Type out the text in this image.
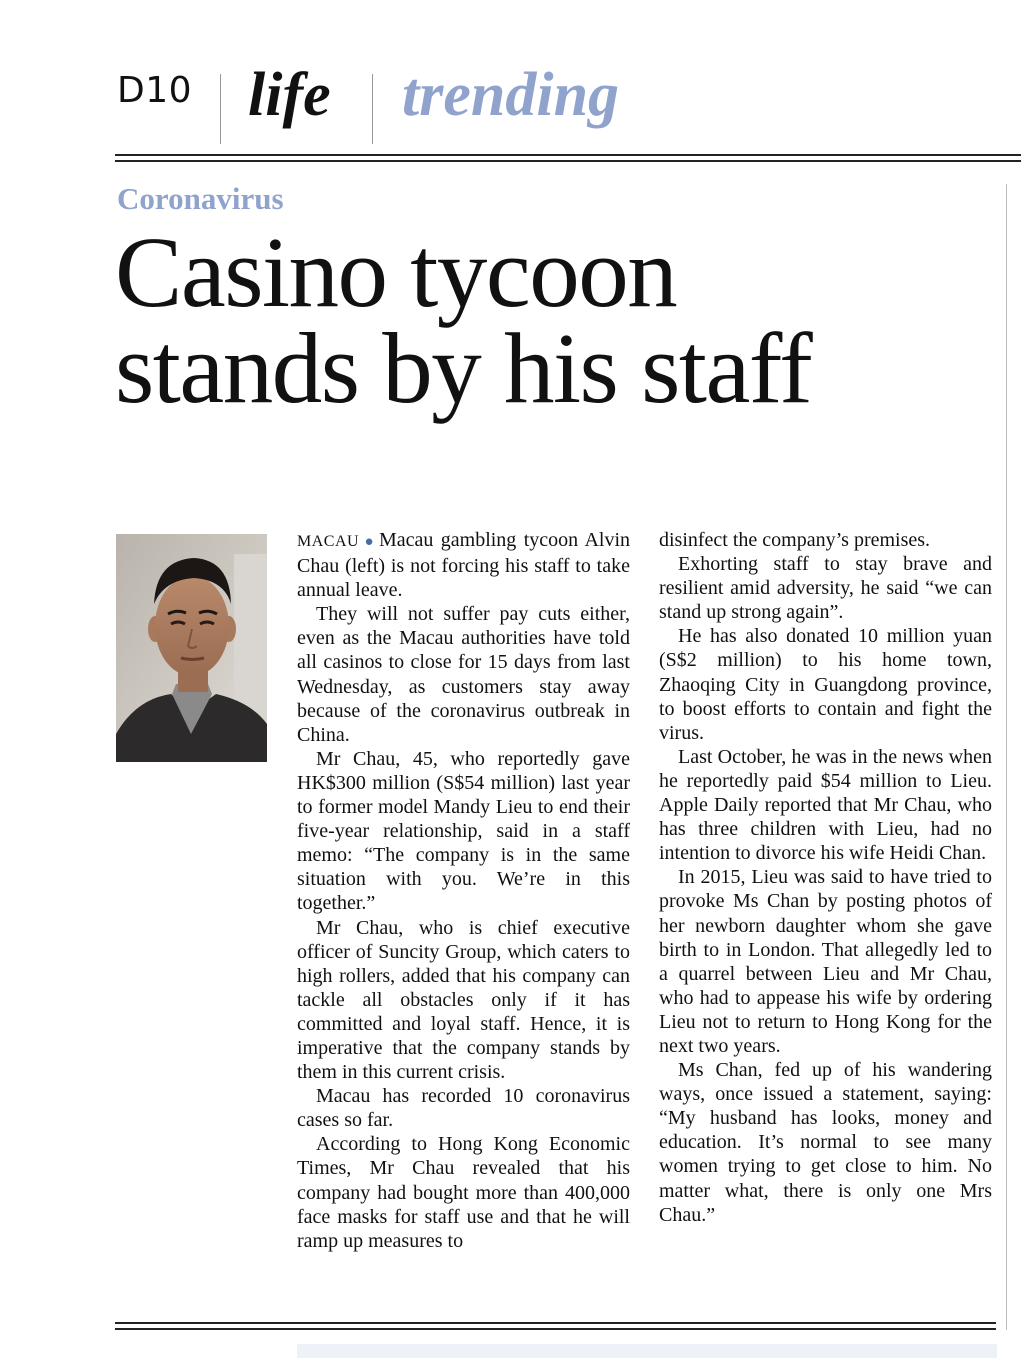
D10 life trending
Coronavirus
Casino tycoon
stands by his staff

MACAU ● Macau gambling tycoon Alvin Chau (left) is not forcing his staff to take annual leave.

They will not suffer pay cuts either, even as the Macau authorities have told all casinos to close for 15 days from last Wednesday, as customers stay away because of the coronavirus outbreak in China.

Mr Chau, 45, who reportedly gave HK$300 million (S$54 million) last year to former model Mandy Lieu to end their five-year relationship, said in a staff memo: “The company is in the same situation with you. We’re in this together.”

Mr Chau, who is chief executive officer of Suncity Group, which caters to high rollers, added that his company can tackle all obstacles only if it has committed and loyal staff. Hence, it is imperative that the company stands by them in this current crisis.

Macau has recorded 10 coronavirus cases so far.

According to Hong Kong Economic Times, Mr Chau revealed that his company had bought more than 400,000 face masks for staff use and that he will ramp up measures to

disinfect the company’s premises.

Exhorting staff to stay brave and resilient amid adversity, he said “we can stand up strong again”.

He has also donated 10 million yuan (S$2 million) to his home town, Zhaoqing City in Guangdong province, to boost efforts to contain and fight the virus.

Last October, he was in the news when he reportedly paid $54 million to Lieu. Apple Daily reported that Mr Chau, who has three children with Lieu, had no intention to divorce his wife Heidi Chan.

In 2015, Lieu was said to have tried to provoke Ms Chan by posting photos of her newborn daughter whom she gave birth to in London. That allegedly led to a quarrel between Lieu and Mr Chau, who had to appease his wife by ordering Lieu not to return to Hong Kong for the next two years.

Ms Chan, fed up of his wandering ways, once issued a statement, saying: “My husband has looks, money and education. It’s normal to see many women trying to get close to him. No matter what, there is only one Mrs Chau.”
